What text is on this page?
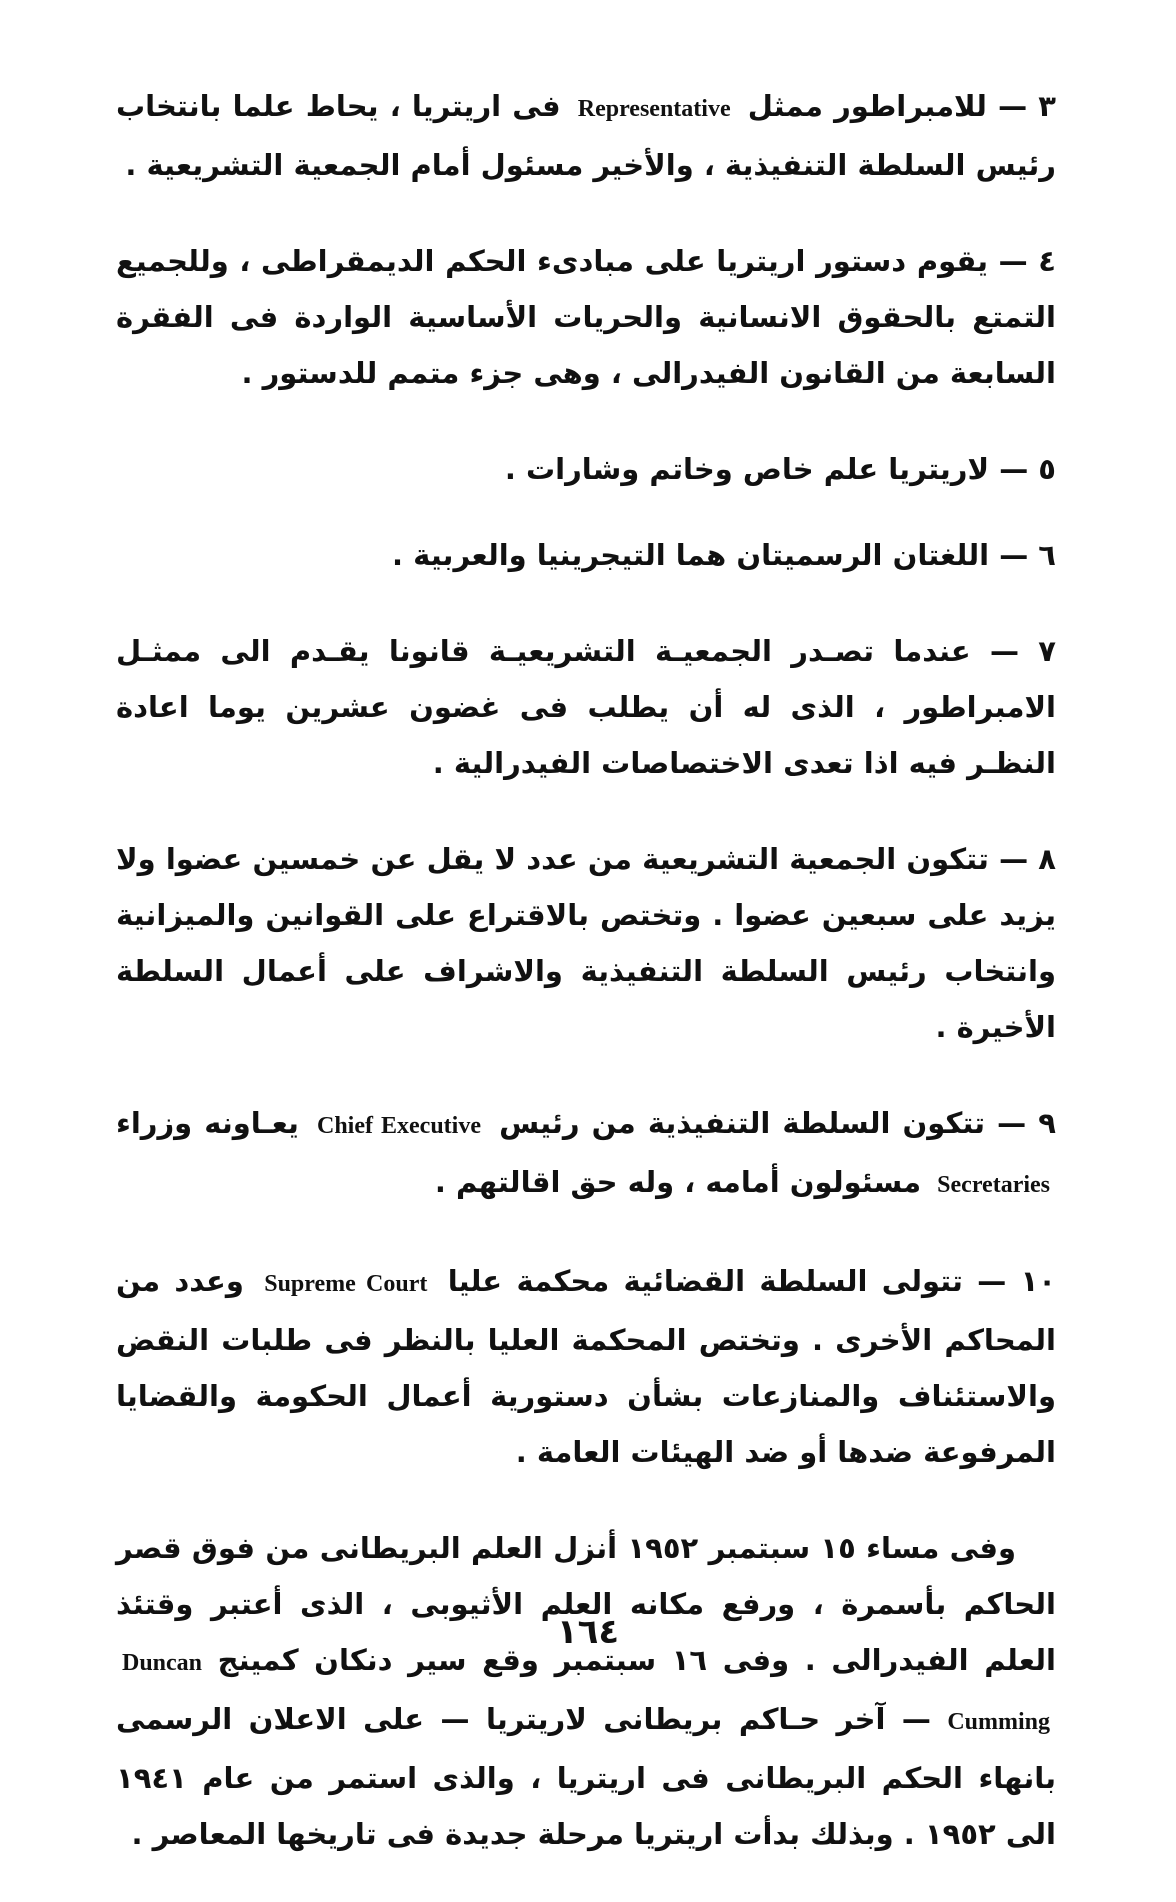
٣ — للامبراطور ممثل Representative فى اريتريا ، يحاط علما بانتخاب رئيس السلطة التنفيذية ، والأخير مسئول أمام الجمعية التشريعية .

٤ — يقوم دستور اريتريا على مبادىء الحكم الديمقراطى ، وللجميع التمتع بالحقوق الانسانية والحريات الأساسية الواردة فى الفقرة السابعة من القانون الفيدرالى ، وهى جزء متمم للدستور .

٥ — لاريتريا علم خاص وخاتم وشارات .

٦ — اللغتان الرسميتان هما التيجرينيا والعربية .

٧ — عندما تصـدر الجمعيـة التشريعيـة قانونا يقـدم الى ممثـل الامبراطور ، الذى له أن يطلب فى غضون عشرين يوما اعادة النظـر فيه اذا تعدى الاختصاصات الفيدرالية .

٨ — تتكون الجمعية التشريعية من عدد لا يقل عن خمسين عضوا ولا يزيد على سبعين عضوا . وتختص بالاقتراع على القوانين والميزانية وانتخاب رئيس السلطة التنفيذية والاشراف على أعمال السلطة الأخيرة .

٩ — تتكون السلطة التنفيذية من رئيس Chief Executive يعـاونه وزراء Secretaries مسئولون أمامه ، وله حق اقالتهم .

١٠ — تتولى السلطة القضائية محكمة عليا Supreme Court وعدد من المحاكم الأخرى . وتختص المحكمة العليا بالنظر فى طلبات النقض والاستئناف والمنازعات بشأن دستورية أعمال الحكومة والقضايا المرفوعة ضدها أو ضد الهيئات العامة .

وفى مساء ١٥ سبتمبر ١٩٥٢ أنزل العلم البريطانى من فوق قصر الحاكم بأسمرة ، ورفع مكانه العلم الأثيوبى ، الذى أعتبر وقتئذ العلم الفيدرالى . وفى ١٦ سبتمبر وقع سير دنكان كمينج Duncan Cumming — آخر حـاكم بريطانى لاريتريا — على الاعلان الرسمى بانهاء الحكم البريطانى فى اريتريا ، والذى استمر من عام ١٩٤١ الى ١٩٥٢ . وبذلك بدأت اريتريا مرحلة جديدة فى تاريخها المعاصر .

١٦٤
